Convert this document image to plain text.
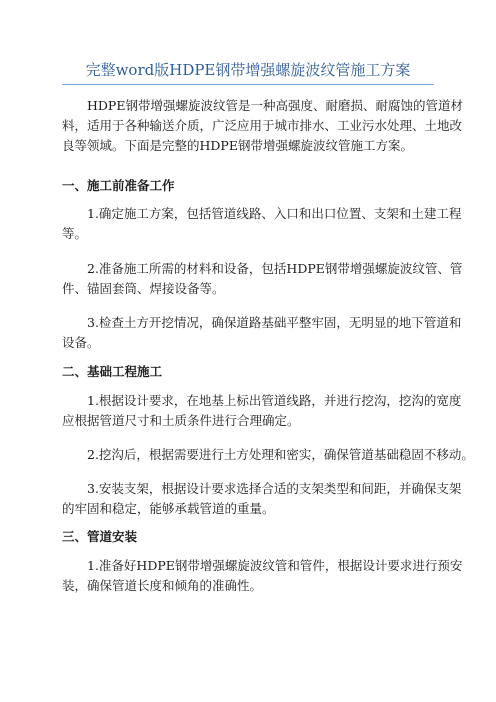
完整word版HDPE钢带增强螺旋波纹管施工方案
HDPE钢带增强螺旋波纹管是一种高强度、耐磨损、耐腐蚀的管道材
料，适用于各种输送介质，广泛应用于城市排水、工业污水处理、土地改
良等领域。下面是完整的HDPE钢带增强螺旋波纹管施工方案。
一、施工前准备工作
1.确定施工方案，包括管道线路、入口和出口位置、支架和土建工程
等。
2.准备施工所需的材料和设备，包括HDPE钢带增强螺旋波纹管、管
件、锚固套筒、焊接设备等。
3.检查土方开挖情况，确保道路基础平整牢固，无明显的地下管道和
设备。
二、基础工程施工
1.根据设计要求，在地基上标出管道线路，并进行挖沟，挖沟的宽度
应根据管道尺寸和土质条件进行合理确定。
2.挖沟后，根据需要进行土方处理和密实，确保管道基础稳固不移动。
3.安装支架，根据设计要求选择合适的支架类型和间距，并确保支架
的牢固和稳定，能够承载管道的重量。
三、管道安装
1.准备好HDPE钢带增强螺旋波纹管和管件，根据设计要求进行预安
装，确保管道长度和倾角的准确性。
